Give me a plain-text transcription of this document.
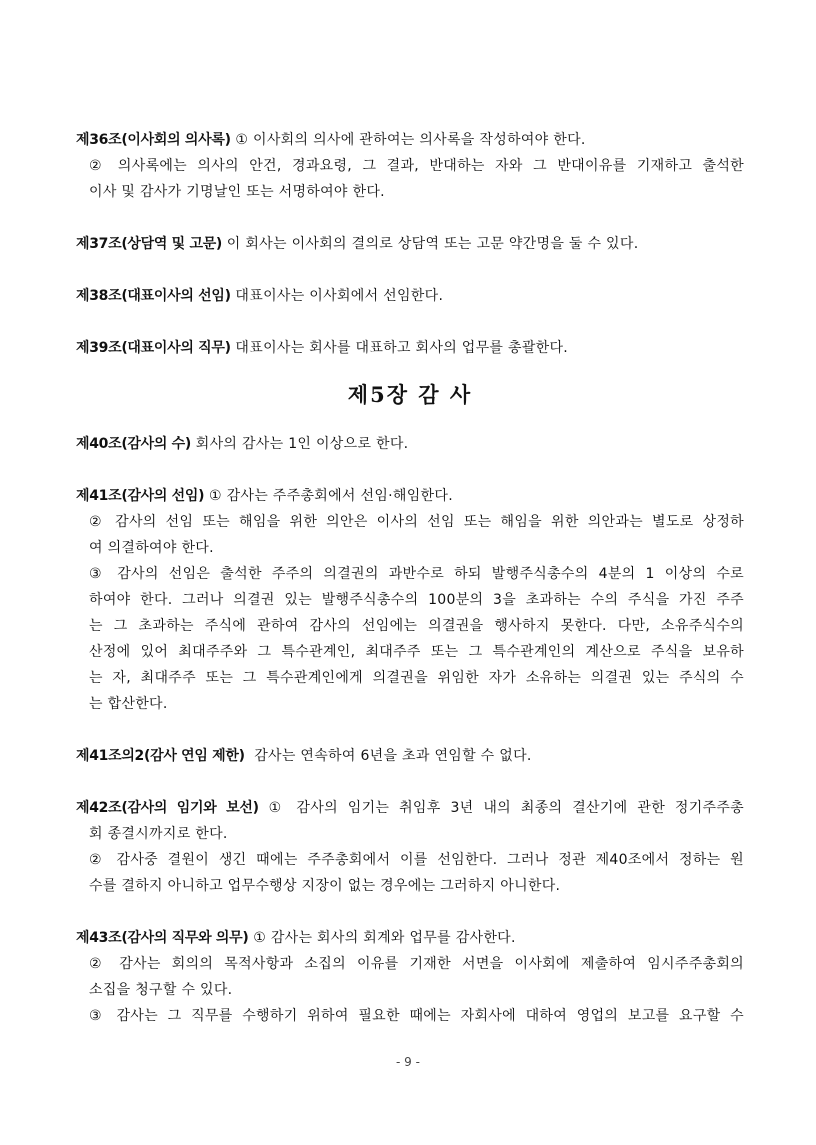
제36조(이사회의 의사록) ① 이사회의 의사에 관하여는 의사록을 작성하여야 한다.
② 의사록에는 의사의 안건, 경과요령, 그 결과, 반대하는 자와 그 반대이유를 기재하고 출석한
이사 및 감사가 기명날인 또는 서명하여야 한다.
제37조(상담역 및 고문) 이 회사는 이사회의 결의로 상담역 또는 고문 약간명을 둘 수 있다.
제38조(대표이사의 선임) 대표이사는 이사회에서 선임한다.
제39조(대표이사의 직무) 대표이사는 회사를 대표하고 회사의 업무를 총괄한다.
제5장 감 사
제40조(감사의 수) 회사의 감사는 1인 이상으로 한다.
제41조(감사의 선임) ① 감사는 주주총회에서 선임·해임한다.
② 감사의 선임 또는 해임을 위한 의안은 이사의 선임 또는 해임을 위한 의안과는 별도로 상정하
여 의결하여야 한다.
③ 감사의 선임은 출석한 주주의 의결권의 과반수로 하되 발행주식총수의 4분의 1 이상의 수로
하여야 한다. 그러나 의결권 있는 발행주식총수의 100분의 3을 초과하는 수의 주식을 가진 주주
는 그 초과하는 주식에 관하여 감사의 선임에는 의결권을 행사하지 못한다. 다만, 소유주식수의
산정에 있어 최대주주와 그 특수관계인, 최대주주 또는 그 특수관계인의 계산으로 주식을 보유하
는 자, 최대주주 또는 그 특수관계인에게 의결권을 위임한 자가 소유하는 의결권 있는 주식의 수
는 합산한다.
제41조의2(감사 연임 제한)  감사는 연속하여 6년을 초과 연임할 수 없다.
제42조(감사의 임기와 보선) ① 감사의 임기는 취임후 3년 내의 최종의 결산기에 관한 정기주주총
회 종결시까지로 한다.
② 감사중 결원이 생긴 때에는 주주총회에서 이를 선임한다. 그러나 정관 제40조에서 정하는 원
수를 결하지 아니하고 업무수행상 지장이 없는 경우에는 그러하지 아니한다.
제43조(감사의 직무와 의무) ① 감사는 회사의 회계와 업무를 감사한다.
② 감사는 회의의 목적사항과 소집의 이유를 기재한 서면을 이사회에 제출하여 임시주주총회의
소집을 청구할 수 있다.
③ 감사는 그 직무를 수행하기 위하여 필요한 때에는 자회사에 대하여 영업의 보고를 요구할 수
- 9 -
